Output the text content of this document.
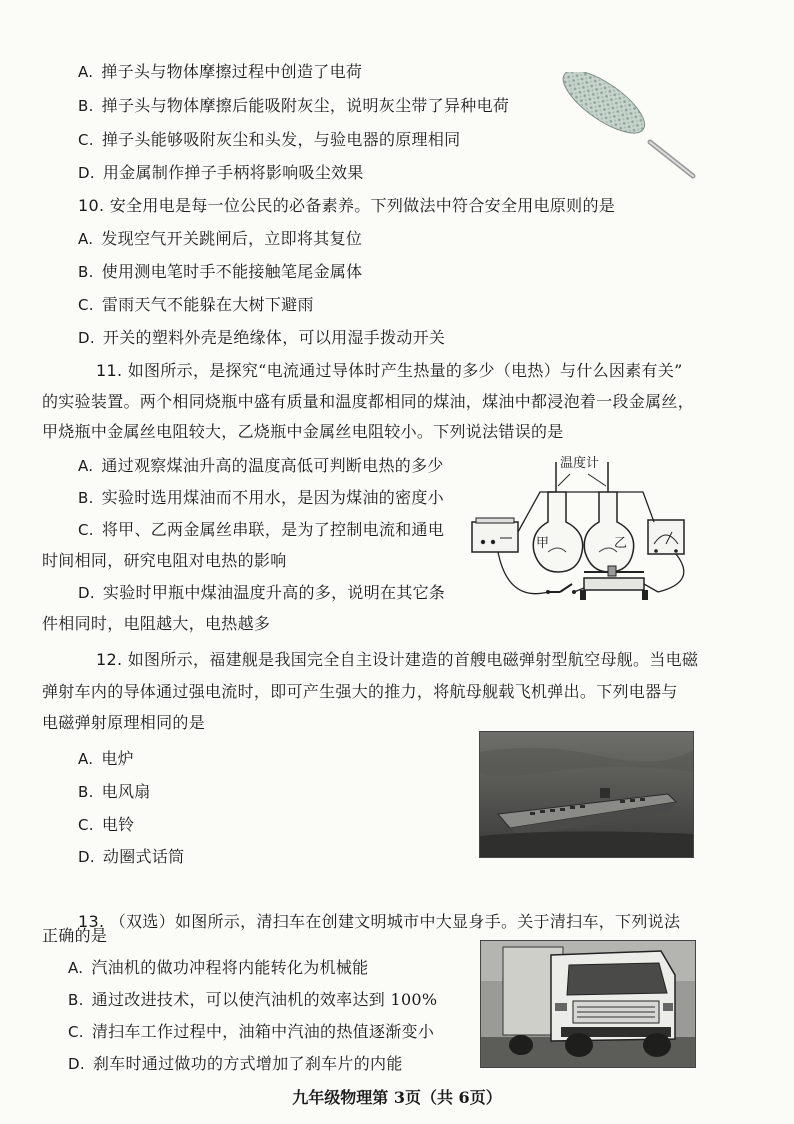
A. 掸子头与物体摩擦过程中创造了电荷
B. 掸子头与物体摩擦后能吸附灰尘，说明灰尘带了异种电荷
C. 掸子头能够吸附灰尘和头发，与验电器的原理相同
D. 用金属制作掸子手柄将影响吸尘效果
10. 安全用电是每一位公民的必备素养。下列做法中符合安全用电原则的是
A. 发现空气开关跳闸后，立即将其复位
B. 使用测电笔时手不能接触笔尾金属体
C. 雷雨天气不能躲在大树下避雨
D. 开关的塑料外壳是绝缘体，可以用湿手拨动开关
11. 如图所示，是探究“电流通过导体时产生热量的多少（电热）与什么因素有关”
的实验装置。两个相同烧瓶中盛有质量和温度都相同的煤油，煤油中都浸泡着一段金属丝，
甲烧瓶中金属丝电阻较大，乙烧瓶中金属丝电阻较小。下列说法错误的是
A. 通过观察煤油升高的温度高低可判断电热的多少
B. 实验时选用煤油而不用水，是因为煤油的密度小
C. 将甲、乙两金属丝串联，是为了控制电流和通电
时间相同，研究电阻对电热的影响
D. 实验时甲瓶中煤油温度升高的多，说明在其它条
件相同时，电阻越大，电热越多
温度计
甲	乙
12. 如图所示，福建舰是我国完全自主设计建造的首艘电磁弹射型航空母舰。当电磁
弹射车内的导体通过强电流时，即可产生强大的推力，将航母舰载飞机弹出。下列电器与
电磁弹射原理相同的是
A. 电炉
B. 电风扇
C. 电铃
D. 动圈式话筒
13. （双选）如图所示，清扫车在创建文明城市中大显身手。关于清扫车，下列说法
正确的是
A. 汽油机的做功冲程将内能转化为机械能
B. 通过改进技术，可以使汽油机的效率达到 100%
C. 清扫车工作过程中，油箱中汽油的热值逐渐变小
D. 刹车时通过做功的方式增加了刹车片的内能
九年级物理第 3页（共 6页）
